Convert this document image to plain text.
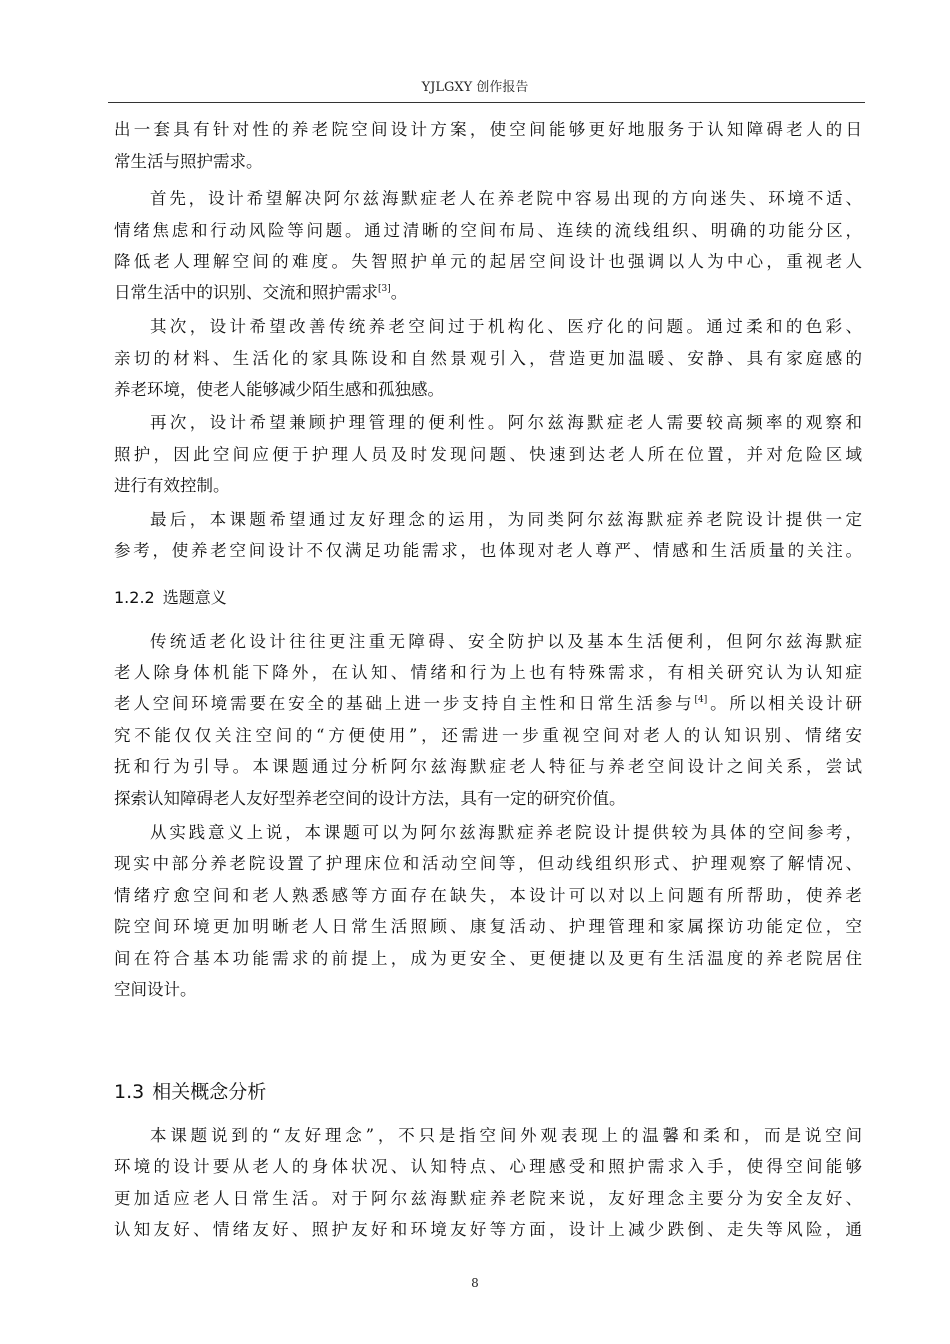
YJLGXY 创作报告
出一套具有针对性的养老院空间设计方案，使空间能够更好地服务于认知障碍老人的日
常生活与照护需求。
首先，设计希望解决阿尔兹海默症老人在养老院中容易出现的方向迷失、环境不适、
情绪焦虑和行动风险等问题。通过清晰的空间布局、连续的流线组织、明确的功能分区，
降低老人理解空间的难度。失智照护单元的起居空间设计也强调以人为中心，重视老人
日常生活中的识别、交流和照护需求[3]。
其次，设计希望改善传统养老空间过于机构化、医疗化的问题。通过柔和的色彩、
亲切的材料、生活化的家具陈设和自然景观引入，营造更加温暖、安静、具有家庭感的
养老环境，使老人能够减少陌生感和孤独感。
再次，设计希望兼顾护理管理的便利性。阿尔兹海默症老人需要较高频率的观察和
照护，因此空间应便于护理人员及时发现问题、快速到达老人所在位置，并对危险区域
进行有效控制。
最后，本课题希望通过友好理念的运用，为同类阿尔兹海默症养老院设计提供一定
参考，使养老空间设计不仅满足功能需求，也体现对老人尊严、情感和生活质量的关注。
1.2.2 选题意义
传统适老化设计往往更注重无障碍、安全防护以及基本生活便利，但阿尔兹海默症
老人除身体机能下降外，在认知、情绪和行为上也有特殊需求，有相关研究认为认知症
老人空间环境需要在安全的基础上进一步支持自主性和日常生活参与[4]。所以相关设计研
究不能仅仅关注空间的“方便使用”，还需进一步重视空间对老人的认知识别、情绪安
抚和行为引导。本课题通过分析阿尔兹海默症老人特征与养老空间设计之间关系，尝试
探索认知障碍老人友好型养老空间的设计方法，具有一定的研究价值。
从实践意义上说，本课题可以为阿尔兹海默症养老院设计提供较为具体的空间参考，
现实中部分养老院设置了护理床位和活动空间等，但动线组织形式、护理观察了解情况、
情绪疗愈空间和老人熟悉感等方面存在缺失，本设计可以对以上问题有所帮助，使养老
院空间环境更加明晰老人日常生活照顾、康复活动、护理管理和家属探访功能定位，空
间在符合基本功能需求的前提上，成为更安全、更便捷以及更有生活温度的养老院居住
空间设计。
1.3 相关概念分析
本课题说到的“友好理念”，不只是指空间外观表现上的温馨和柔和，而是说空间
环境的设计要从老人的身体状况、认知特点、心理感受和照护需求入手，使得空间能够
更加适应老人日常生活。对于阿尔兹海默症养老院来说，友好理念主要分为安全友好、
认知友好、情绪友好、照护友好和环境友好等方面，设计上减少跌倒、走失等风险，通
8
